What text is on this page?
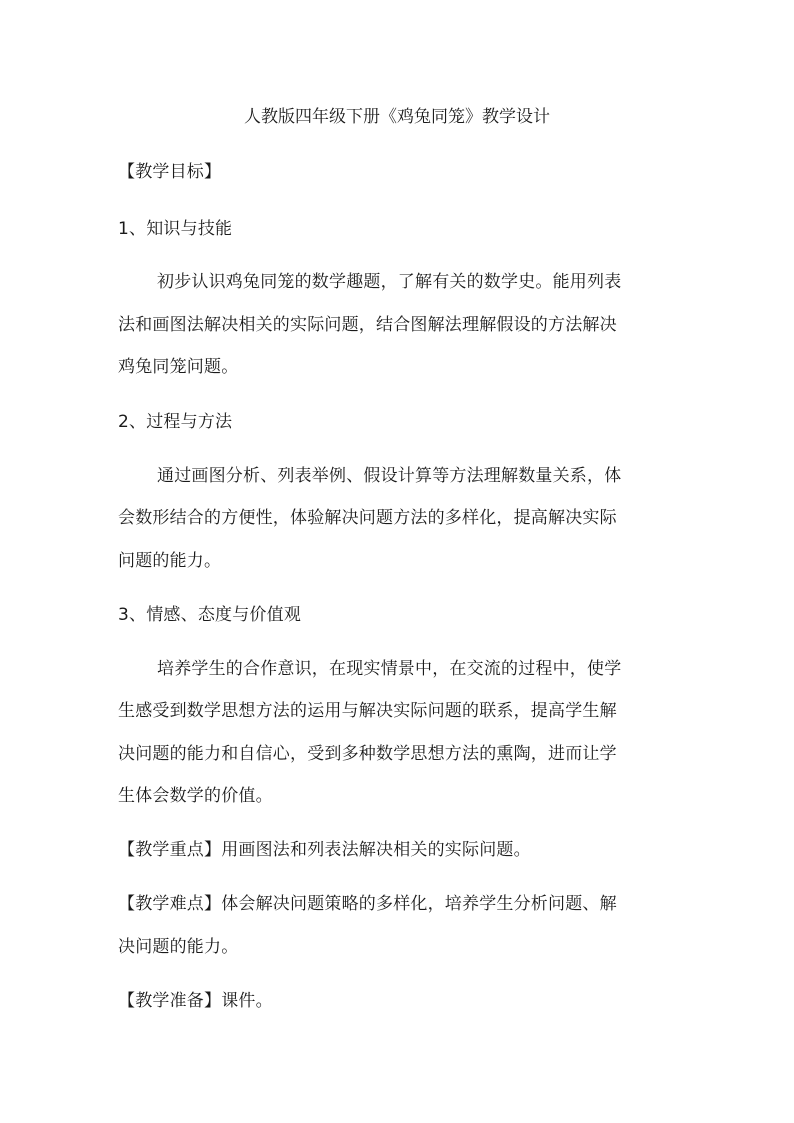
人教版四年级下册《鸡兔同笼》教学设计
【教学目标】
1、知识与技能
初步认识鸡兔同笼的数学趣题，了解有关的数学史。能用列表
法和画图法解决相关的实际问题，结合图解法理解假设的方法解决
鸡兔同笼问题。
2、过程与方法
通过画图分析、列表举例、假设计算等方法理解数量关系，体
会数形结合的方便性，体验解决问题方法的多样化，提高解决实际
问题的能力。
3、情感、态度与价值观
培养学生的合作意识，在现实情景中，在交流的过程中，使学
生感受到数学思想方法的运用与解决实际问题的联系，提高学生解
决问题的能力和自信心，受到多种数学思想方法的熏陶，进而让学
生体会数学的价值。
【教学重点】用画图法和列表法解决相关的实际问题。
【教学难点】体会解决问题策略的多样化，培养学生分析问题、解
决问题的能力。
【教学准备】课件。
